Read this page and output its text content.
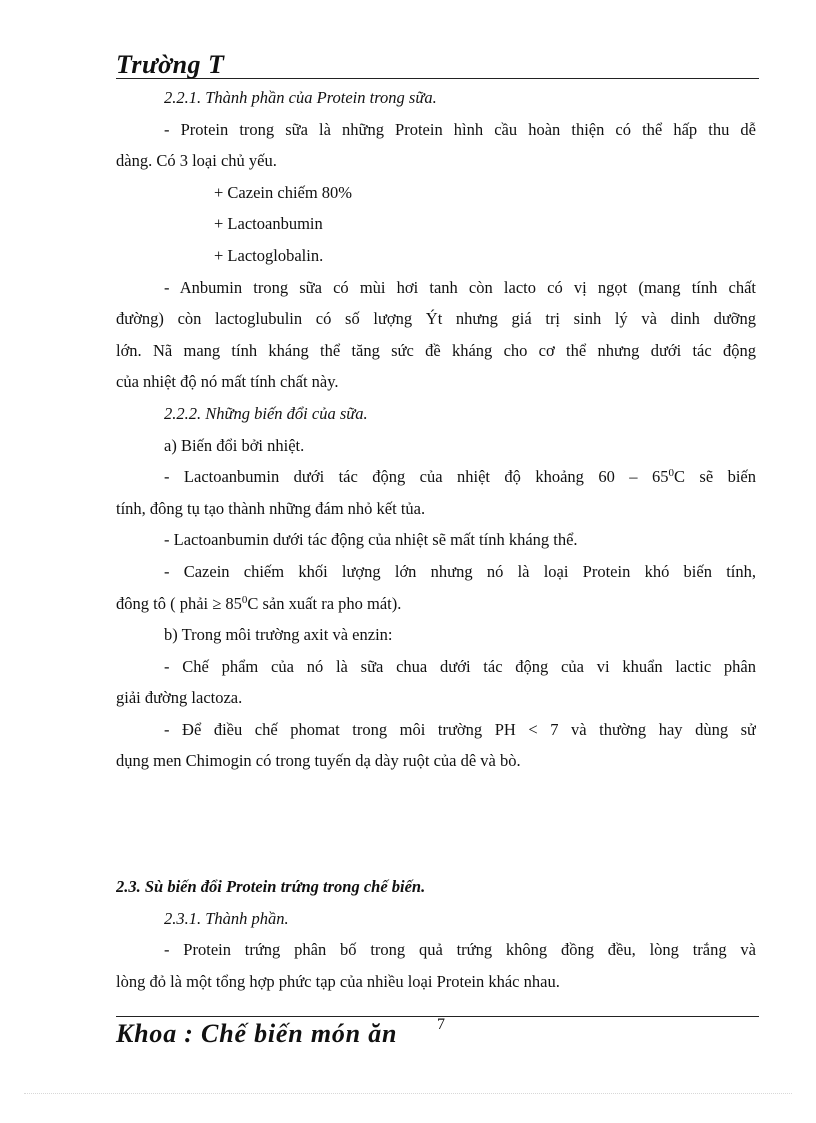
Trường T
2.2.1. Thành phần của Protein trong sữa.
- Protein trong sữa là những Protein hình cầu hoàn thiện có thể hấp thu dễ
dàng. Có 3 loại chủ yếu.
+ Cazein chiếm 80%
+ Lactoanbumin
+ Lactoglobalin.
- Anbumin trong sữa có mùi hơi tanh còn lacto có vị ngọt (mang tính chất
đường) còn lactoglubulin có số lượng Ýt nhưng giá trị sinh lý và dinh dưỡng
lớn. Nã mang tính kháng thể tăng sức đề kháng cho cơ thể nhưng dưới tác động
của nhiệt độ nó mất tính chất này.
2.2.2. Những biến đổi của sữa.
a) Biến đổi bởi nhiệt.
- Lactoanbumin dưới tác động của nhiệt độ khoảng $60 - 65^0C$ sẽ biến
tính, đông tụ tạo thành những đám nhỏ kết tủa.
- Lactoanbumin dưới tác động của nhiệt sẽ mất tính kháng thể.
- Cazein chiếm khối lượng lớn nhưng nó là loại Protein khó biến tính,
đông tô ( phải ≥ $85^0C$ sản xuất ra pho mát).
b) Trong môi trường axit và enzin:
- Chế phẩm của nó là sữa chua dưới tác động của vi khuẩn lactic phân
giải đường lactoza.
- Để điều chế phomat trong môi trường PH < 7 và thường hay dùng sử
dụng men Chimogin có trong tuyến dạ dày ruột của dê và bò.
2.3. Sù biến đổi Protein trứng trong chế biến.
2.3.1. Thành phần.
- Protein trứng phân bố trong quả trứng không đồng đều, lòng trắng và
lòng đỏ là một tổng hợp phức tạp của nhiều loại Protein khác nhau.
Khoa : Chế biến món ăn 7
